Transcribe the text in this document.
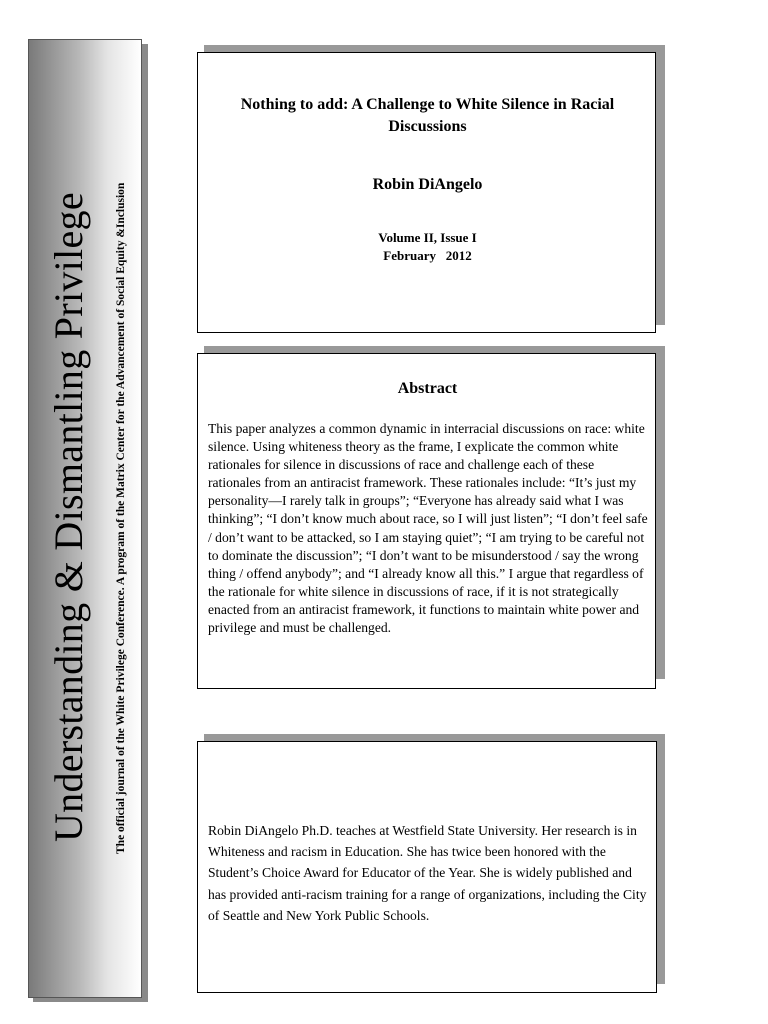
Understanding & Dismantling Privilege	The official journal of the White Privilege Conference. A program of the Matrix Center for the Advancement of Social Equity &Inclusion
Nothing to add: A Challenge to White Silence in Racial Discussions
Robin DiAngelo
Volume II, Issue I
February   2012
Abstract
This paper analyzes a common dynamic in interracial discussions on race: white silence. Using whiteness theory as the frame, I explicate the common white rationales for silence in discussions of race and challenge each of these rationales from an antiracist framework. These rationales include: “It’s just my personality—I rarely talk in groups”; “Everyone has already said what I was thinking”; “I don’t know much about race, so I will just listen”; “I don’t feel safe / don’t want to be attacked, so I am staying quiet”; “I am trying to be careful not to dominate the discussion”; “I don’t want to be misunderstood / say the wrong thing / offend anybody”; and “I already know all this.” I argue that regardless of the rationale for white silence in discussions of race, if it is not strategically enacted from an antiracist framework, it functions to maintain white power and privilege and must be challenged.
Robin DiAngelo Ph.D. teaches at Westfield State University. Her research is in Whiteness and racism in Education. She has twice been honored with the Student’s Choice Award for Educator of the Year. She is widely published and has provided anti-racism training for a range of organizations, including the City of Seattle and New York Public Schools.
